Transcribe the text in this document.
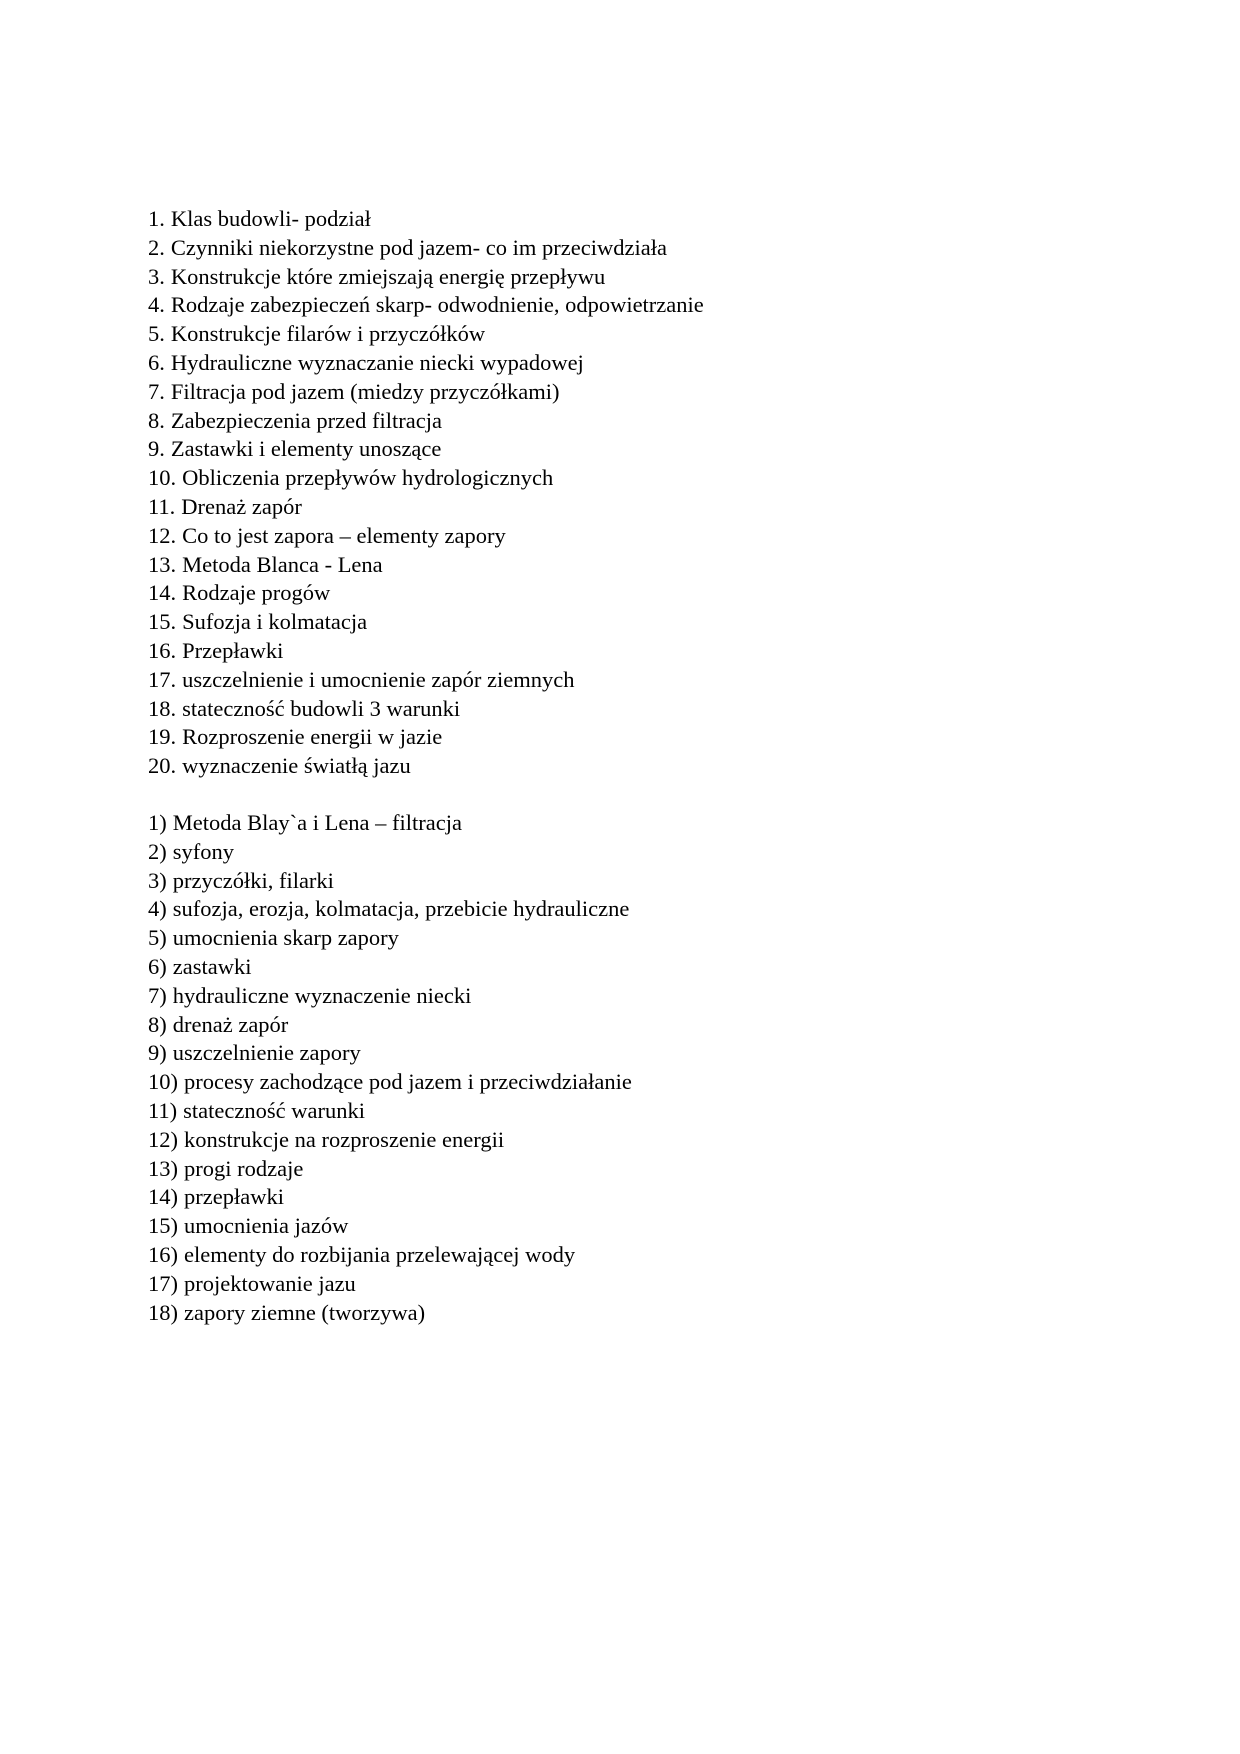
1. Klas budowli- podział
2. Czynniki niekorzystne pod jazem- co im przeciwdziała
3. Konstrukcje które zmiejszają energię przepływu
4. Rodzaje zabezpieczeń skarp- odwodnienie, odpowietrzanie
5. Konstrukcje filarów i przyczółków
6. Hydrauliczne wyznaczanie niecki wypadowej
7. Filtracja pod jazem (miedzy przyczółkami)
8. Zabezpieczenia przed filtracja
9. Zastawki i elementy unoszące
10. Obliczenia przepływów hydrologicznych
11. Drenaż zapór
12. Co to jest zapora – elementy zapory
13. Metoda Blanca - Lena
14. Rodzaje progów
15. Sufozja i kolmatacja
16. Przepławki
17. uszczelnienie i umocnienie zapór ziemnych
18. stateczność budowli 3 warunki
19. Rozproszenie energii w jazie
20. wyznaczenie światłą jazu
1) Metoda Blay`a i Lena – filtracja
2) syfony
3) przyczółki, filarki
4) sufozja, erozja, kolmatacja, przebicie hydrauliczne
5) umocnienia skarp zapory
6) zastawki
7) hydrauliczne wyznaczenie niecki
8) drenaż zapór
9) uszczelnienie zapory
10) procesy zachodzące pod jazem i przeciwdziałanie
11) stateczność warunki
12) konstrukcje na rozproszenie energii
13) progi rodzaje
14) przepławki
15) umocnienia jazów
16) elementy do rozbijania przelewającej wody
17) projektowanie jazu
18) zapory ziemne (tworzywa)
